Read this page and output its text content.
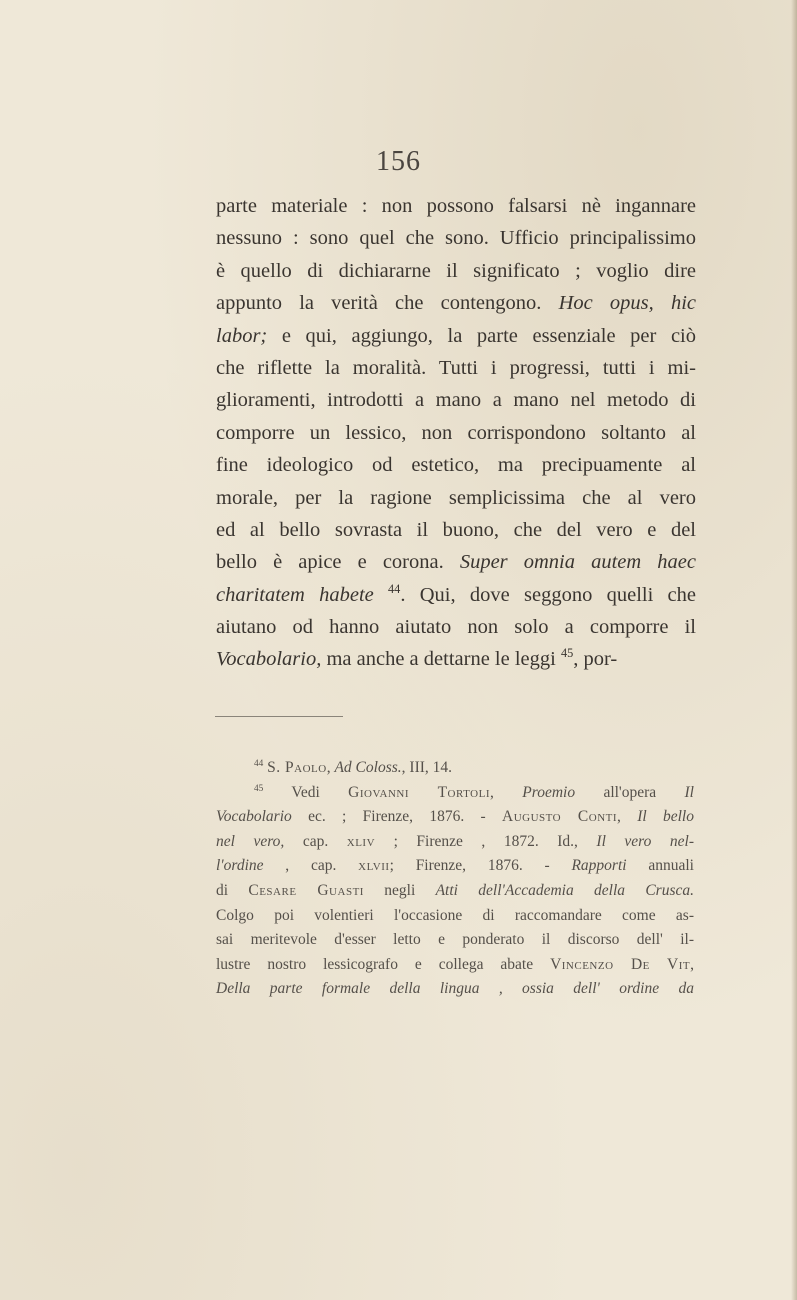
156
parte materiale : non possono falsarsi nè ingannare
nessuno : sono quel che sono. Ufficio principalissimo
è quello di dichiararne il significato ; voglio dire
appunto la verità che contengono. Hoc opus, hic
labor; e qui, aggiungo, la parte essenziale per ciò
che riflette la moralità. Tutti i progressi, tutti i mi-
glioramenti, introdotti a mano a mano nel metodo di
comporre un lessico, non corrispondono soltanto al
fine ideologico od estetico, ma precipuamente al
morale, per la ragione semplicissima che al vero
ed al bello sovrasta il buono, che del vero e del
bello è apice e corona. Super omnia autem haec
charitatem habete $^{44}$. Qui, dove seggono quelli che
aiutano od hanno aiutato non solo a comporre il
Vocabolario, ma anche a dettarne le leggi $^{45}$, por-
$^{44}$ S. Paolo, Ad Coloss., III, 14.
$^{45}$ Vedi Giovanni Tortoli, Proemio all'opera Il
Vocabolario ec. ; Firenze, 1876. - Augusto Conti, Il bello
nel vero, cap. xliv ; Firenze , 1872. Id., Il vero nel-
l'ordine , cap. xlvii; Firenze, 1876. - Rapporti annuali
di Cesare Guasti negli Atti dell'Accademia della Crusca.
Colgo poi volentieri l'occasione di raccomandare come as-
sai meritevole d'esser letto e ponderato il discorso dell' il-
lustre nostro lessicografo e collega abate Vincenzo De Vit,
Della parte formale della lingua , ossia dell' ordine da
